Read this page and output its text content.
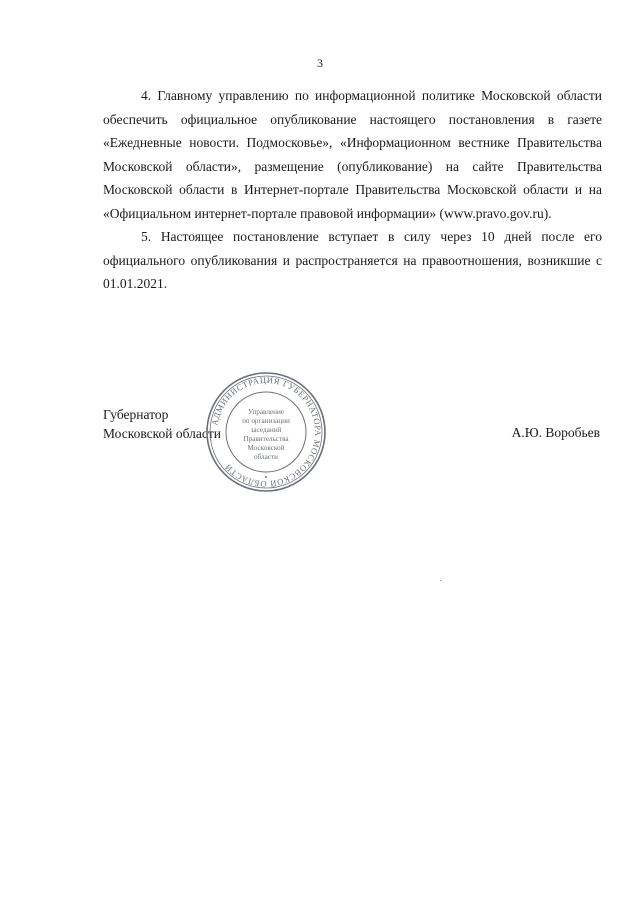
3

4. Главному управлению по информационной политике Московской области обеспечить официальное опубликование настоящего постановления в газете «Ежедневные новости. Подмосковье», «Информационном вестнике Правительства Московской области», размещение (опубликование) на сайте Правительства Московской области в Интернет-портале Правительства Московской области и на «Официальном интернет-портале правовой информации» (www.pravo.gov.ru).

5. Настоящее постановление вступает в силу через 10 дней после его официального опубликования и распространяется на правоотношения, возникшие с 01.01.2021.

Губернатор
Московской области
АДМИНИСТРАЦИЯ ГУБЕРНАТОРА МОСКОВСКОЙ ОБЛАСТИ
Управление
по организации
заседаний
Правительства
Московской
области
•
А.Ю. Воробьев
